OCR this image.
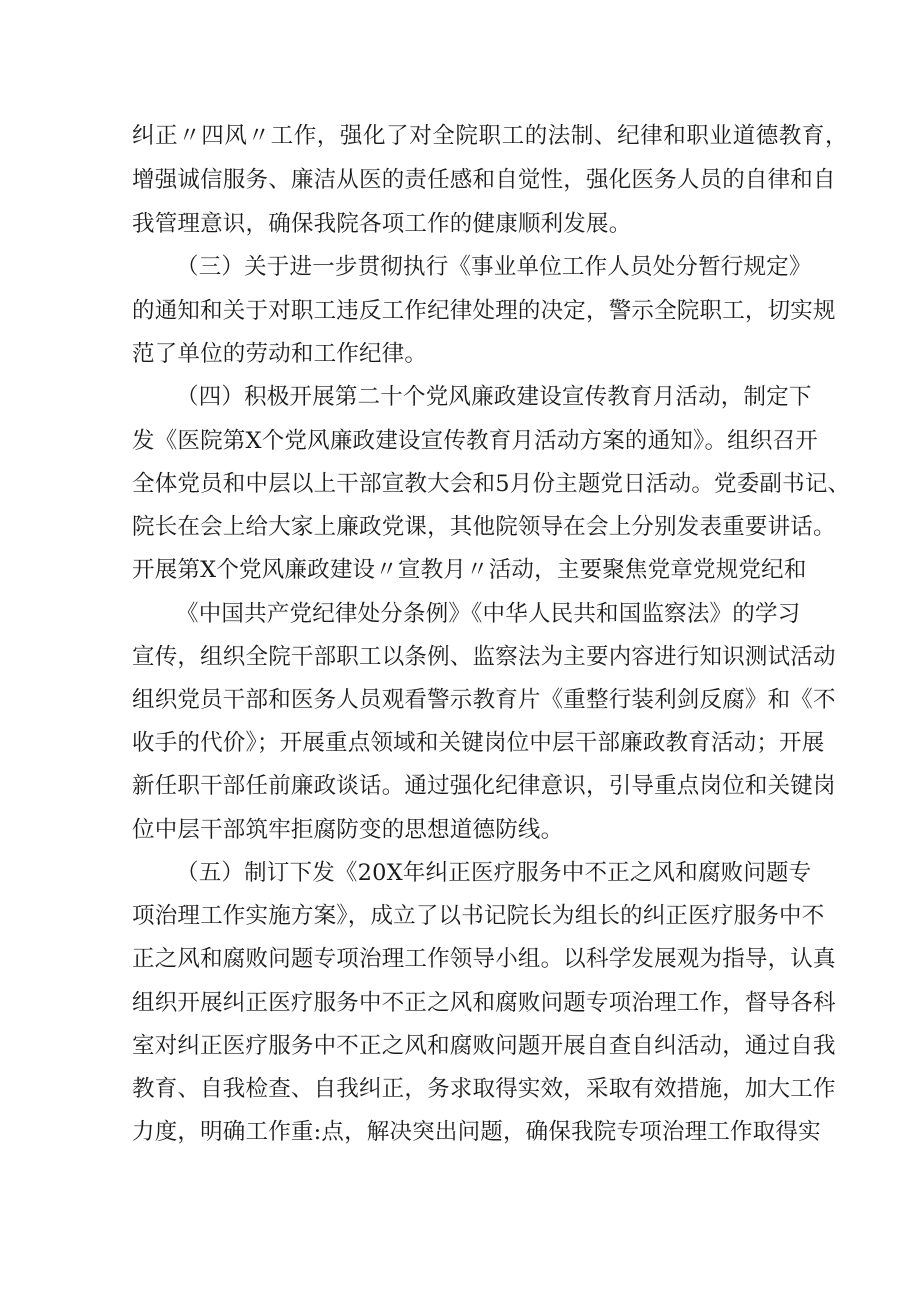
纠正〃四风〃工作，强化了对全院职工的法制、纪律和职业道德教育，
增强诚信服务、廉洁从医的责任感和自觉性，强化医务人员的自律和自
我管理意识，确保我院各项工作的健康顺利发展。
（三）关于进一步贯彻执行《事业单位工作人员处分暂行规定》
的通知和关于对职工违反工作纪律处理的决定，警示全院职工，切实规
范了单位的劳动和工作纪律。
（四）积极开展第二十个党风廉政建设宣传教育月活动，制定下
发《医院第X个党风廉政建设宣传教育月活动方案的通知》。组织召开
全体党员和中层以上干部宣教大会和5月份主题党日活动。党委副书记、
院长在会上给大家上廉政党课，其他院领导在会上分别发表重要讲话。
开展第X个党风廉政建设〃宣教月〃活动，主要聚焦党章党规党纪和
《中国共产党纪律处分条例》《中华人民共和国监察法》的学习
宣传，组织全院干部职工以条例、监察法为主要内容进行知识测试活动
组织党员干部和医务人员观看警示教育片《重整行装利剑反腐》和《不
收手的代价》；开展重点领域和关键岗位中层干部廉政教育活动；开展
新任职干部任前廉政谈话。通过强化纪律意识，引导重点岗位和关键岗
位中层干部筑牢拒腐防变的思想道德防线。
（五）制订下发《20X年纠正医疗服务中不正之风和腐败问题专
项治理工作实施方案》，成立了以书记院长为组长的纠正医疗服务中不
正之风和腐败问题专项治理工作领导小组。以科学发展观为指导，认真
组织开展纠正医疗服务中不正之风和腐败问题专项治理工作，督导各科
室对纠正医疗服务中不正之风和腐败问题开展自查自纠活动，通过自我
教育、自我检查、自我纠正，务求取得实效，采取有效措施，加大工作
力度，明确工作重:点，解决突出问题，确保我院专项治理工作取得实
